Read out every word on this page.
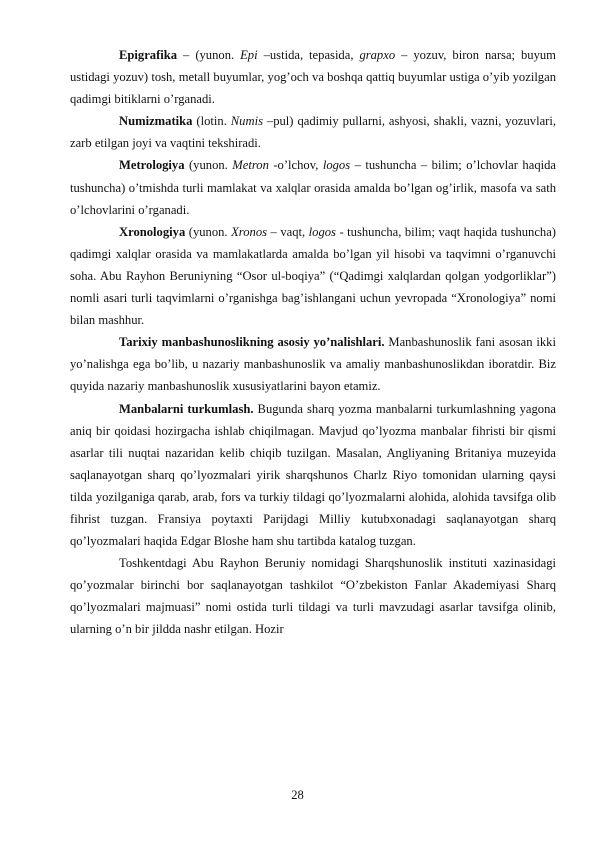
Epigrafika – (yunon. Epi –ustida, tepasida, grapxo – yozuv, biron narsa; buyum ustidagi yozuv) tosh, metall buyumlar, yog’och va boshqa qattiq buyumlar ustiga o’yib yozilgan qadimgi bitiklarni o’rganadi.

Numizmatika (lotin. Numis –pul) qadimiy pullarni, ashyosi, shakli, vazni, yozuvlari, zarb etilgan joyi va vaqtini tekshiradi.

Metrologiya (yunon. Metron -o’lchov, logos – tushuncha – bilim; o’lchovlar haqida tushuncha) o’tmishda turli mamlakat va xalqlar orasida amalda bo’lgan og’irlik, masofa va sath o’lchovlarini o’rganadi.

Xronologiya (yunon. Xronos – vaqt, logos - tushuncha, bilim; vaqt haqida tushuncha) qadimgi xalqlar orasida va mamlakatlarda amalda bo’lgan yil hisobi va taqvimni o’rganuvchi soha. Abu Rayhon Beruniyning “Osor ul-boqiya” (“Qadimgi xalqlardan qolgan yodgorliklar”) nomli asari turli taqvimlarni o’rganishga bag’ishlangani uchun yevropada “Xronologiya” nomi bilan mashhur.

Tarixiy manbashunoslikning asosiy yo’nalishlari. Manbashunoslik fani asosan ikki yo’nalishga ega bo’lib, u nazariy manbashunoslik va amaliy manbashunoslikdan iboratdir. Biz quyida nazariy manbashunoslik xususiyatlarini bayon etamiz.

Manbalarni turkumlash. Bugunda sharq yozma manbalarni turkumlashning yagona aniq bir qoidasi hozirgacha ishlab chiqilmagan. Mavjud qo’lyozma manbalar fihristi bir qismi asarlar tili nuqtai nazaridan kelib chiqib tuzilgan. Masalan, Angliyaning Britaniya muzeyida saqlanayotgan sharq qo’lyozmalari yirik sharqshunos Charlz Riyo tomonidan ularning qaysi tilda yozilganiga qarab, arab, fors va turkiy tildagi qo’lyozmalarni alohida, alohida tavsifga olib fihrist tuzgan. Fransiya poytaxti Parijdagi Milliy kutubxonadagi saqlanayotgan sharq qo’lyozmalari haqida Edgar Bloshe ham shu tartibda katalog tuzgan.

Toshkentdagi Abu Rayhon Beruniy nomidagi Sharqshunoslik instituti xazinasidagi qo’yozmalar birinchi bor saqlanayotgan tashkilot “O’zbekiston Fanlar Akademiyasi Sharq qo’lyozmalari majmuasi” nomi ostida turli tildagi va turli mavzudagi asarlar tavsifga olinib, ularning o’n bir jildda nashr etilgan. Hozir

28
